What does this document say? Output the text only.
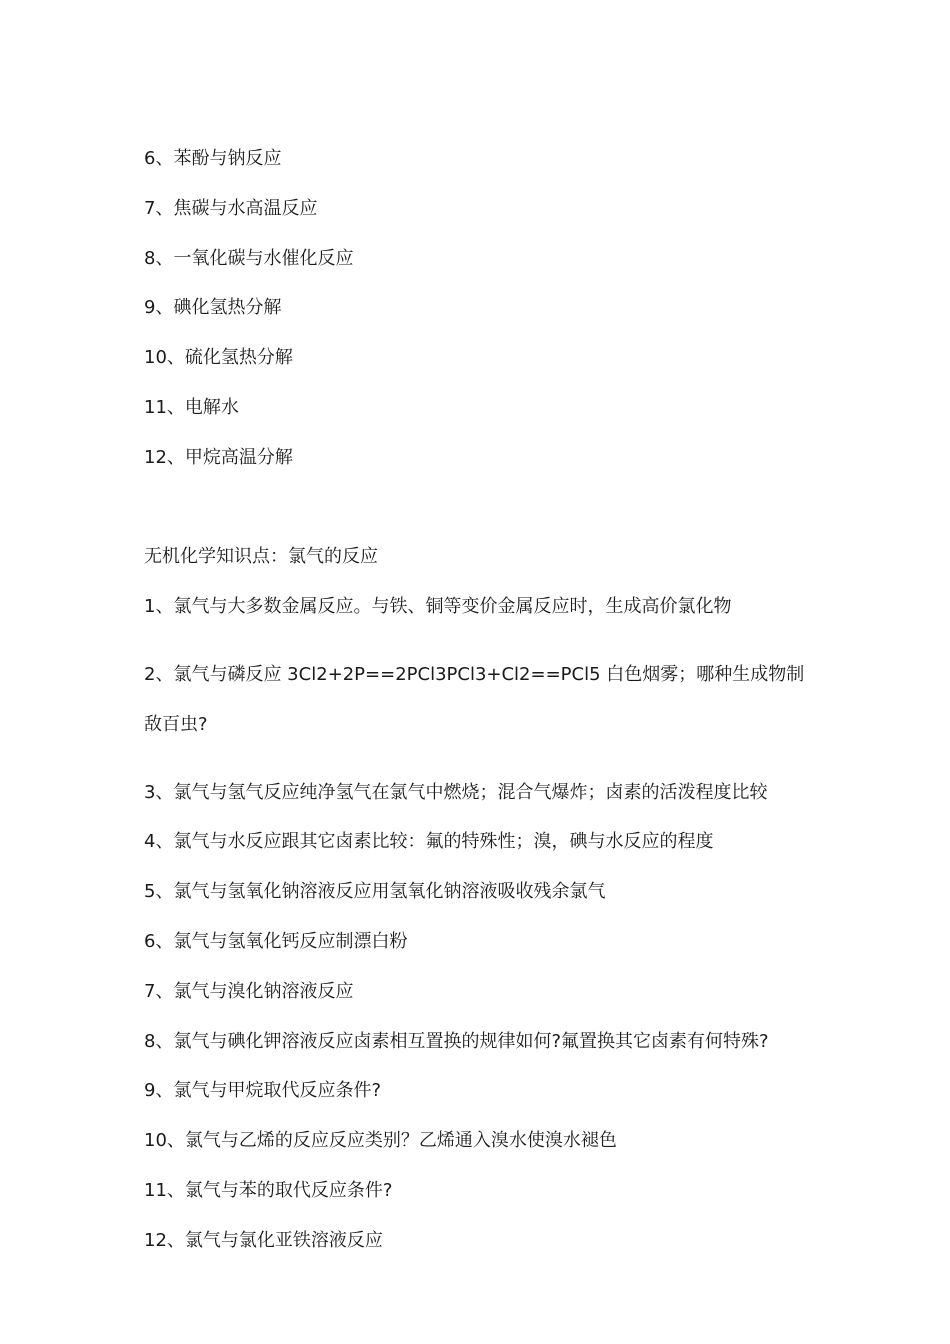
6、苯酚与钠反应

7、焦碳与水高温反应

8、一氧化碳与水催化反应

9、碘化氢热分解

10、硫化氢热分解

11、电解水

12、甲烷高温分解

无机化学知识点：氯气的反应

1、氯气与大多数金属反应。与铁、铜等变价金属反应时，生成高价氯化物

2、氯气与磷反应 3Cl2+2P==2PCl3PCl3+Cl2==PCl5 白色烟雾；哪种生成物制敌百虫?

3、氯气与氢气反应纯净氢气在氯气中燃烧；混合气爆炸；卤素的活泼程度比较

4、氯气与水反应跟其它卤素比较：氟的特殊性；溴，碘与水反应的程度

5、氯气与氢氧化钠溶液反应用氢氧化钠溶液吸收残余氯气

6、氯气与氢氧化钙反应制漂白粉

7、氯气与溴化钠溶液反应

8、氯气与碘化钾溶液反应卤素相互置换的规律如何?氟置换其它卤素有何特殊?

9、氯气与甲烷取代反应条件?

10、氯气与乙烯的反应反应类别？乙烯通入溴水使溴水褪色

11、氯气与苯的取代反应条件?

12、氯气与氯化亚铁溶液反应
